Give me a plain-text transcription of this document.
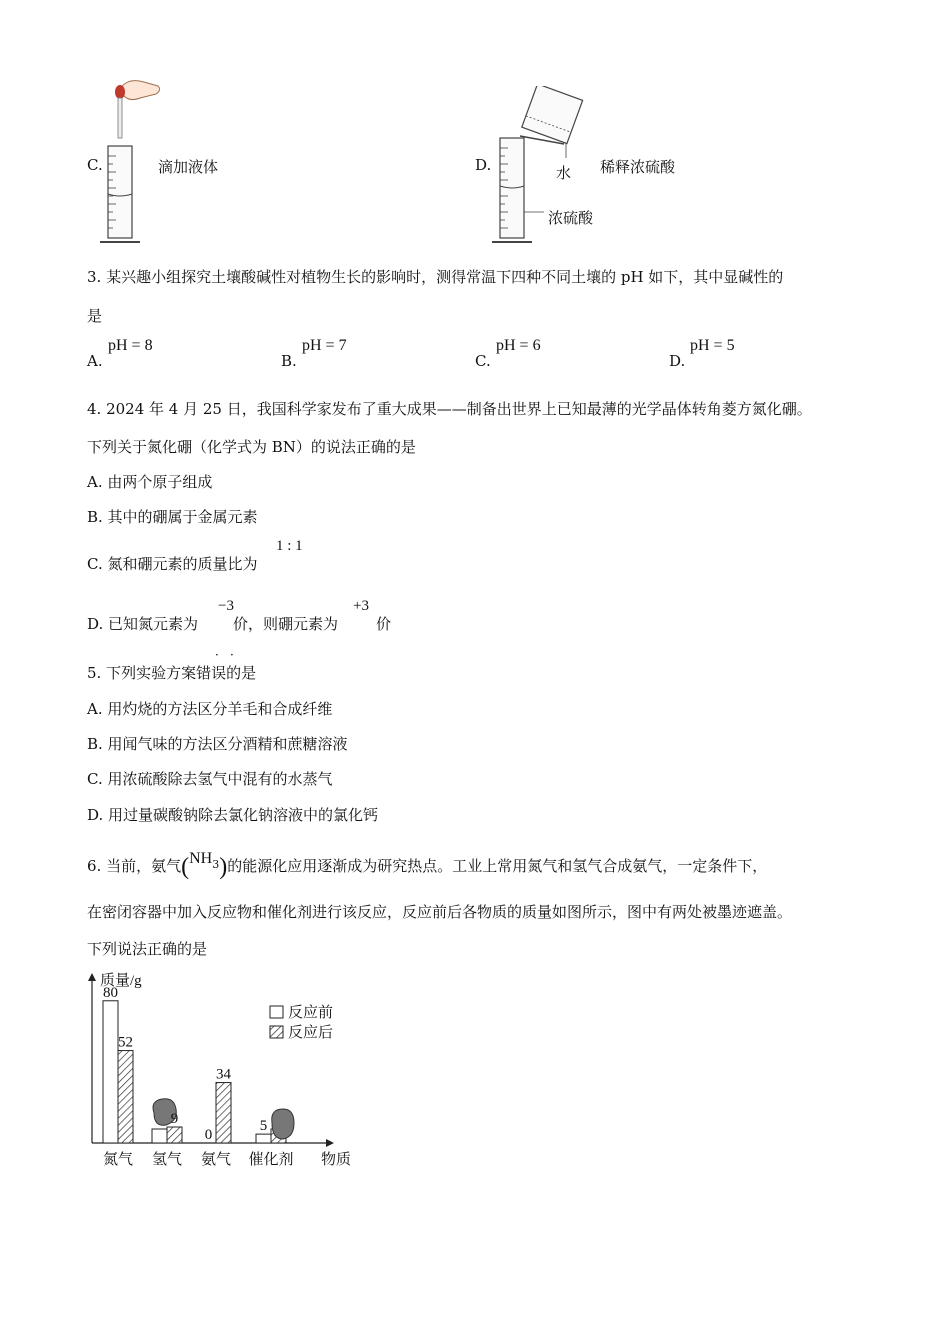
C.	滴加液体	D.	水
浓硫酸
稀释浓硫酸
3. 某兴趣小组探究土壤酸碱性对植物生长的影响时，测得常温下四种不同土壤的 pH 如下，其中显碱性的
是
A.
pH = 8
B.
pH = 7
C.
pH = 6
D.
pH = 5
4. 2024 年 4 月 25 日，我国科学家发布了重大成果——制备出世界上已知最薄的光学晶体转角菱方氮化硼。
下列关于氮化硼（化学式为 BN）的说法正确的是
A. 由两个原子组成
B. 其中的硼属于金属元素
C. 氮和硼元素的质量比为
1 : 1
D. 已知氮元素为
−3
价，则硼元素为
+3
价
· ·
5. 下列实验方案错误的是
A. 用灼烧的方法区分羊毛和合成纤维
B. 用闻气味的方法区分酒精和蔗糖溶液
C. 用浓硫酸除去氢气中混有的水蒸气
D. 用过量碳酸钠除去氯化钠溶液中的氯化钙
6. 当前，氨气$(NH^3)$的能源化应用逐渐成为研究热点。工业上常用氮气和氢气合成氨气，一定条件下，
在密闭容器中加入反应物和催化剂进行该反应，反应前后各物质的质量如图所示，图中有两处被墨迹遮盖。
下列说法正确的是
质量/g
物质
80
52
氮气
9
氢气
0
34
氨气
5
催化剂
反应前
反应后
